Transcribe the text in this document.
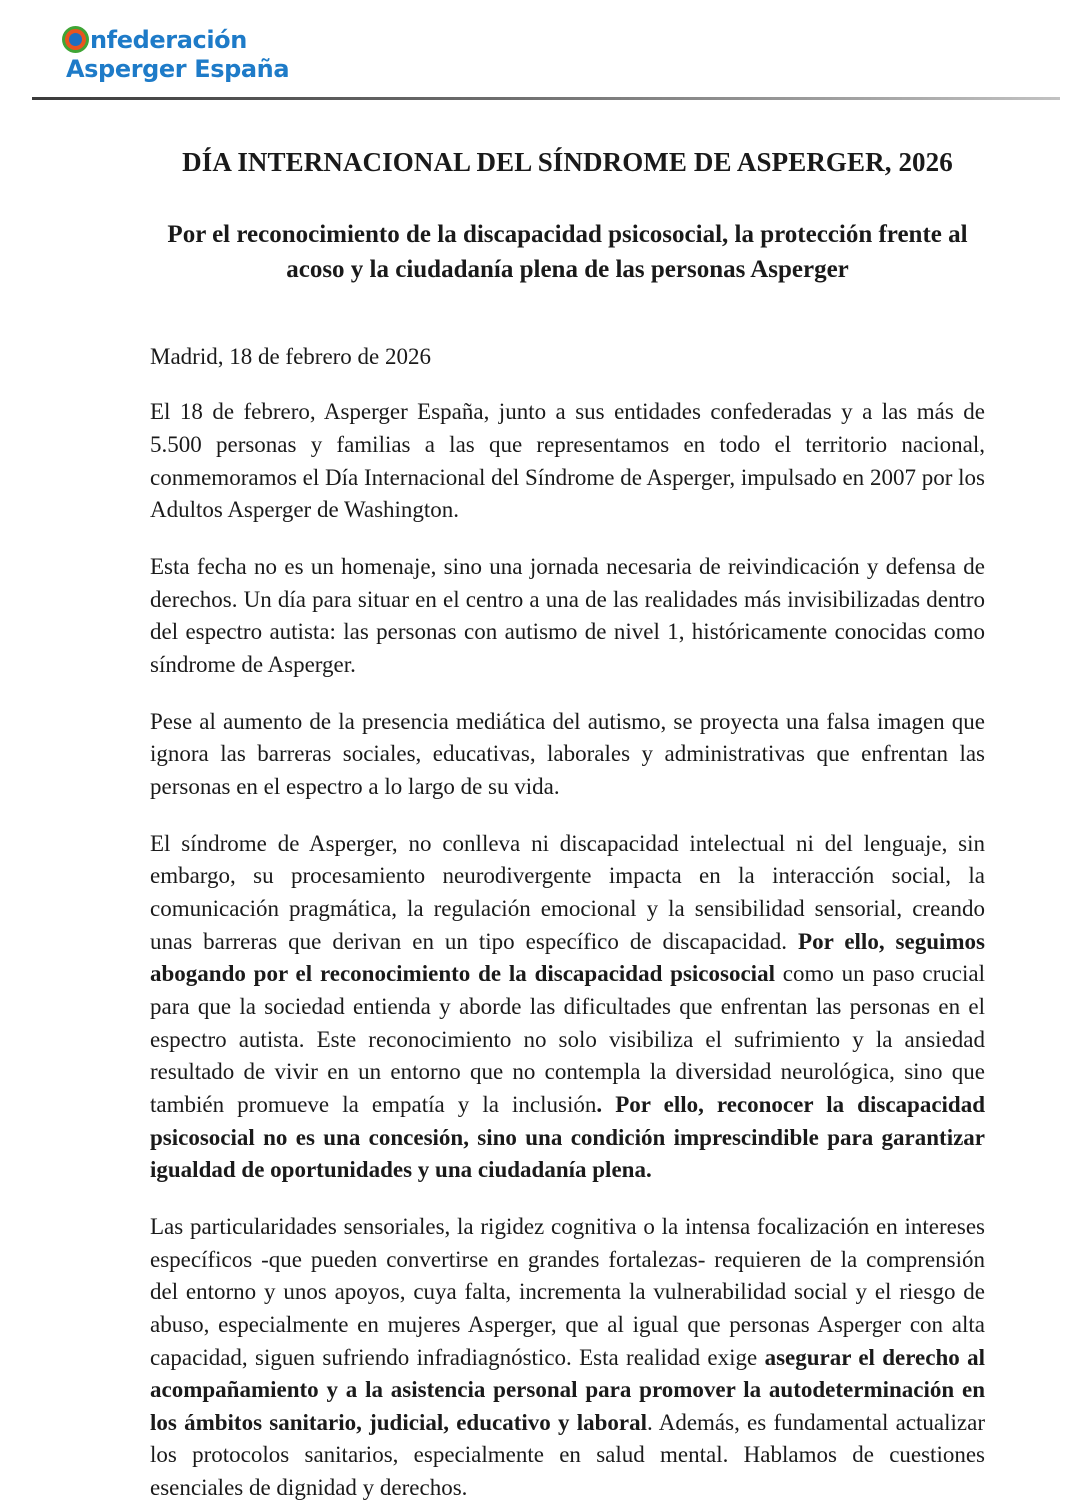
nfederación
Asperger España
DÍA INTERNACIONAL DEL SÍNDROME DE ASPERGER, 2026
Por el reconocimiento de la discapacidad psicosocial, la protección frente al acoso y la ciudadanía plena de las personas Asperger

Madrid, 18 de febrero de 2026

El 18 de febrero, Asperger España, junto a sus entidades confederadas y a las más de 5.500 personas y familias a las que representamos en todo el territorio nacional, conmemoramos el Día Internacional del Síndrome de Asperger, impulsado en 2007 por los Adultos Asperger de Washington.

Esta fecha no es un homenaje, sino una jornada necesaria de reivindicación y defensa de derechos. Un día para situar en el centro a una de las realidades más invisibilizadas dentro del espectro autista: las personas con autismo de nivel 1, históricamente conocidas como síndrome de Asperger.

Pese al aumento de la presencia mediática del autismo, se proyecta una falsa imagen que ignora las barreras sociales, educativas, laborales y administrativas que enfrentan las personas en el espectro a lo largo de su vida.

El síndrome de Asperger, no conlleva ni discapacidad intelectual ni del lenguaje, sin embargo, su procesamiento neurodivergente impacta en la interacción social, la comunicación pragmática, la regulación emocional y la sensibilidad sensorial, creando unas barreras que derivan en un tipo específico de discapacidad. Por ello, seguimos abogando por el reconocimiento de la discapacidad psicosocial como un paso crucial para que la sociedad entienda y aborde las dificultades que enfrentan las personas en el espectro autista. Este reconocimiento no solo visibiliza el sufrimiento y la ansiedad resultado de vivir en un entorno que no contempla la diversidad neurológica, sino que también promueve la empatía y la inclusión. Por ello, reconocer la discapacidad psicosocial no es una concesión, sino una condición imprescindible para garantizar igualdad de oportunidades y una ciudadanía plena.

Las particularidades sensoriales, la rigidez cognitiva o la intensa focalización en intereses específicos -que pueden convertirse en grandes fortalezas- requieren de la comprensión del entorno y unos apoyos, cuya falta, incrementa la vulnerabilidad social y el riesgo de abuso, especialmente en mujeres Asperger, que al igual que personas Asperger con alta capacidad, siguen sufriendo infradiagnóstico. Esta realidad exige asegurar el derecho al acompañamiento y a la asistencia personal para promover la autodeterminación en los ámbitos sanitario, judicial, educativo y laboral. Además, es fundamental actualizar los protocolos sanitarios, especialmente en salud mental. Hablamos de cuestiones esenciales de dignidad y derechos.
